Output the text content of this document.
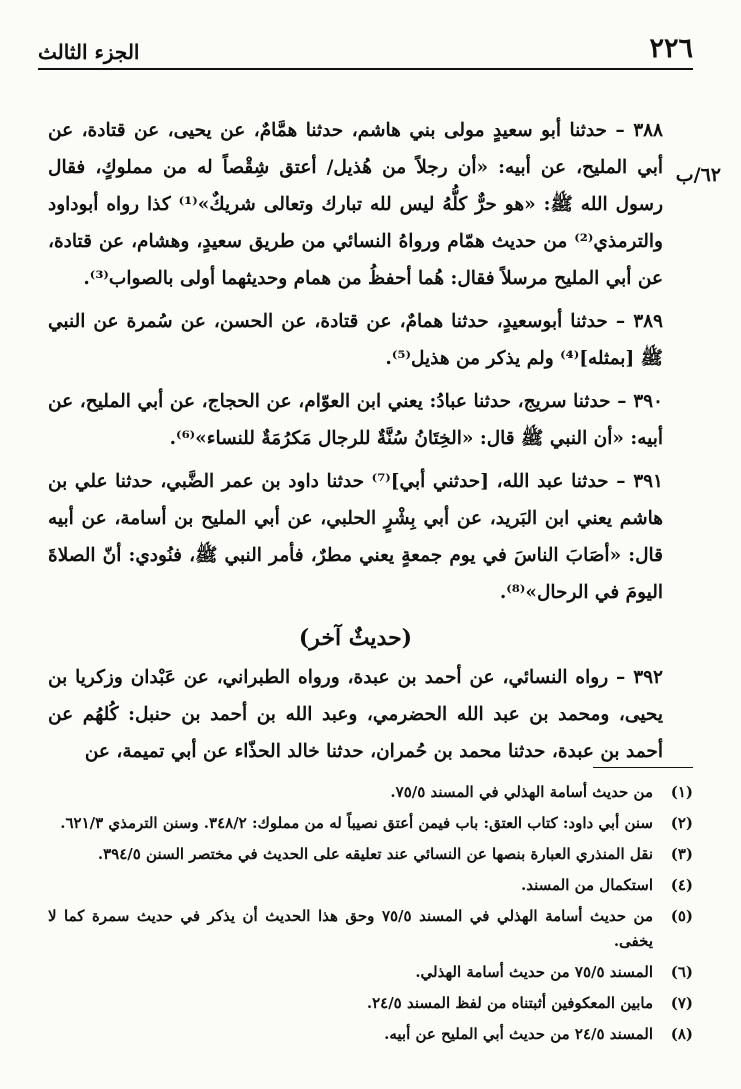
٢٢٦
الجزء الثالث
٦٢/ب

٣٨٨ – حدثنا أبو سعيدٍ مولى بني هاشم، حدثنا همَّامٌ، عن يحيى، عن قتادة، عن أبي المليح، عن أبيه: «أن رجلاً من هُذيل/ أعتق شِقْصاً له من مملوكٍ، فقال رسول الله ﷺ: «هو حرٌّ كلُّهُ ليس لله تبارك وتعالى شريكٌ»⁽¹⁾ كذا رواه أبوداود والترمذي⁽²⁾ من حديث همّام ورواهُ النسائي من طريق سعيدٍ، وهشام، عن قتادة، عن أبي المليح مرسلاً فقال: هُما أحفظُ من همام وحديثهما أولى بالصواب⁽³⁾.

٣٨٩ – حدثنا أبوسعيدٍ، حدثنا همامٌ، عن قتادة، عن الحسن، عن سُمرة عن النبي ﷺ [بمثله]⁽⁴⁾ ولم يذكر من هذيل⁽⁵⁾.

٣٩٠ – حدثنا سريج، حدثنا عبادُ: يعني ابن العوّام، عن الحجاج، عن أبي المليح، عن أبيه: «أن النبي ﷺ قال: «الخِتَانُ سُنَّةٌ للرجال مَكرُمَةٌ للنساء»⁽⁶⁾.

٣٩١ – حدثنا عبد الله، [حدثني أبي]⁽⁷⁾ حدثنا داود بن عمر الضَّبي، حدثنا علي بن هاشم يعني ابن البَريد، عن أبي بِشْرٍ الحلبي، عن أبي المليح بن أسامة، عن أبيه قال: «أصَابَ الناسَ في يوم جمعةٍ يعني مطرٌ، فأمر النبي ﷺ، فنُودي: أنّ الصلاةَ اليومَ في الرحال»⁽⁸⁾.

(حديثٌ آخر)

٣٩٢ – رواه النسائي، عن أحمد بن عبدة، ورواه الطبراني، عن عَبْدان وزكريا بن يحيى، ومحمد بن عبد الله الحضرمي، وعبد الله بن أحمد بن حنبل: كُلهُم عن أحمد بن عبدة، حدثنا محمد بن حُمران، حدثنا خالد الحذّاء عن أبي تميمة، عن

(١)
من حديث أسامة الهذلي في المسند ٧٥/٥.
(٢)
سنن أبي داود: كتاب العتق: باب فيمن أعتق نصيباً له من مملوك: ٣٤٨/٢. وسنن الترمذي ٦٢١/٣.
(٣)
نقل المنذري العبارة بنصها عن النسائي عند تعليقه على الحديث في مختصر السنن ٣٩٤/٥.
(٤)
استكمال من المسند.
(٥)
من حديث أسامة الهذلي في المسند ٧٥/٥ وحق هذا الحديث أن يذكر في حديث سمرة كما لا يخفى.
(٦)
المسند ٧٥/٥ من حديث أسامة الهذلي.
(٧)
مابين المعكوفين أثبتناه من لفظ المسند ٢٤/٥.
(٨)
المسند ٢٤/٥ من حديث أبي المليح عن أبيه.
